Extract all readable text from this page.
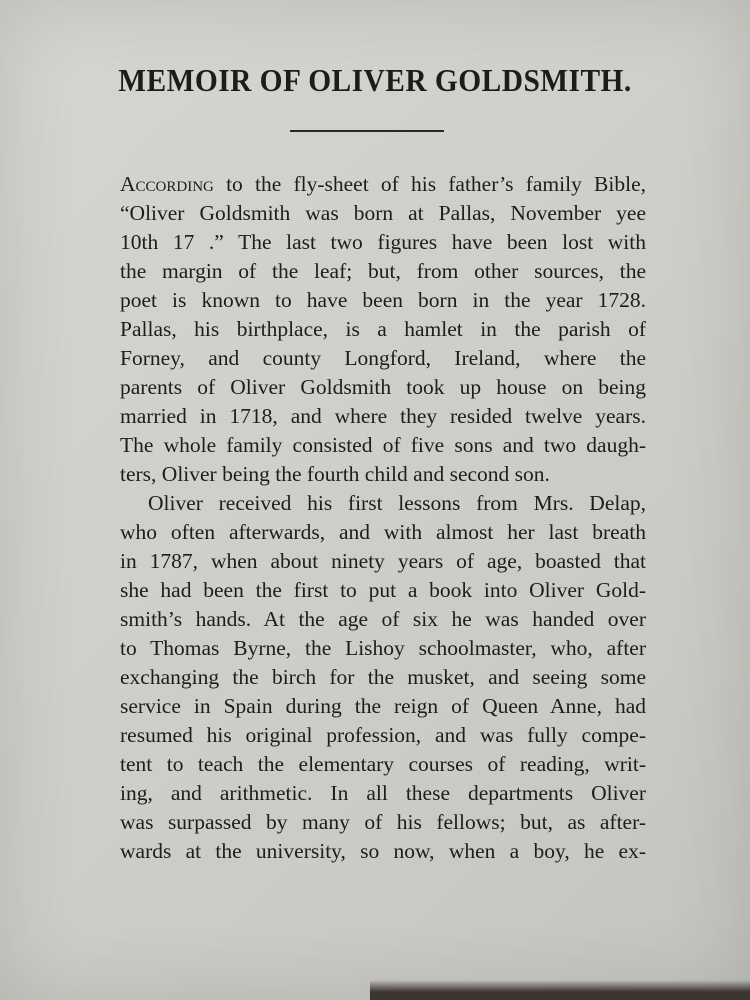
MEMOIR OF OLIVER GOLDSMITH.
According to the fly-sheet of his father’s family Bible,
“Oliver Goldsmith was born at Pallas, November yee
10th 17 .” The last two figures have been lost with
the margin of the leaf; but, from other sources, the
poet is known to have been born in the year 1728.
Pallas, his birthplace, is a hamlet in the parish of
Forney, and county Longford, Ireland, where the
parents of Oliver Goldsmith took up house on being
married in 1718, and where they resided twelve years.
The whole family consisted of five sons and two daugh-
ters, Oliver being the fourth child and second son.
Oliver received his first lessons from Mrs. Delap,
who often afterwards, and with almost her last breath
in 1787, when about ninety years of age, boasted that
she had been the first to put a book into Oliver Gold-
smith’s hands. At the age of six he was handed over
to Thomas Byrne, the Lishoy schoolmaster, who, after
exchanging the birch for the musket, and seeing some
service in Spain during the reign of Queen Anne, had
resumed his original profession, and was fully compe-
tent to teach the elementary courses of reading, writ-
ing, and arithmetic. In all these departments Oliver
was surpassed by many of his fellows; but, as after-
wards at the university, so now, when a boy, he ex-
